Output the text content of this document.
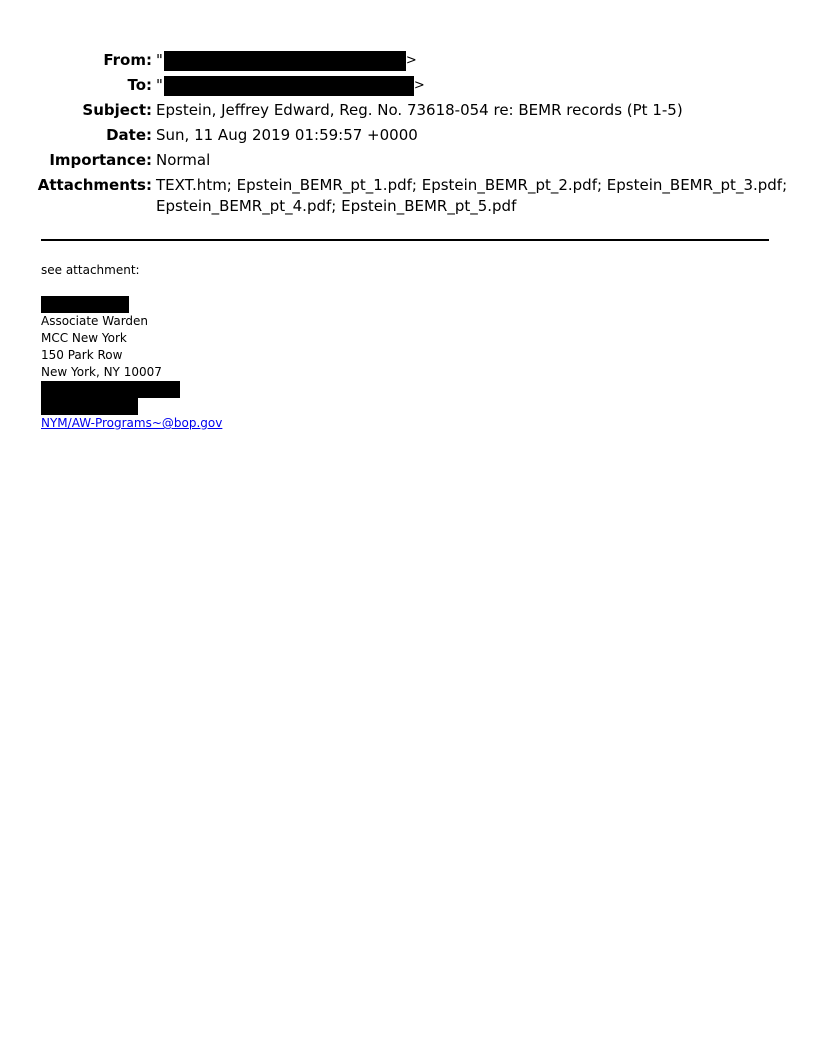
From: "	>
To: "	>
Subject: Epstein, Jeffrey Edward, Reg. No. 73618-054 re: BEMR records (Pt 1-5)
Date: Sun, 11 Aug 2019 01:59:57 +0000
Importance: Normal
Attachments: TEXT.htm; Epstein_BEMR_pt_1.pdf; Epstein_BEMR_pt_2.pdf; Epstein_BEMR_pt_3.pdf;
Epstein_BEMR_pt_4.pdf; Epstein_BEMR_pt_5.pdf
see attachment:
Associate Warden
MCC New York
150 Park Row
New York, NY 10007
NYM/AW-Programs~@bop.gov
